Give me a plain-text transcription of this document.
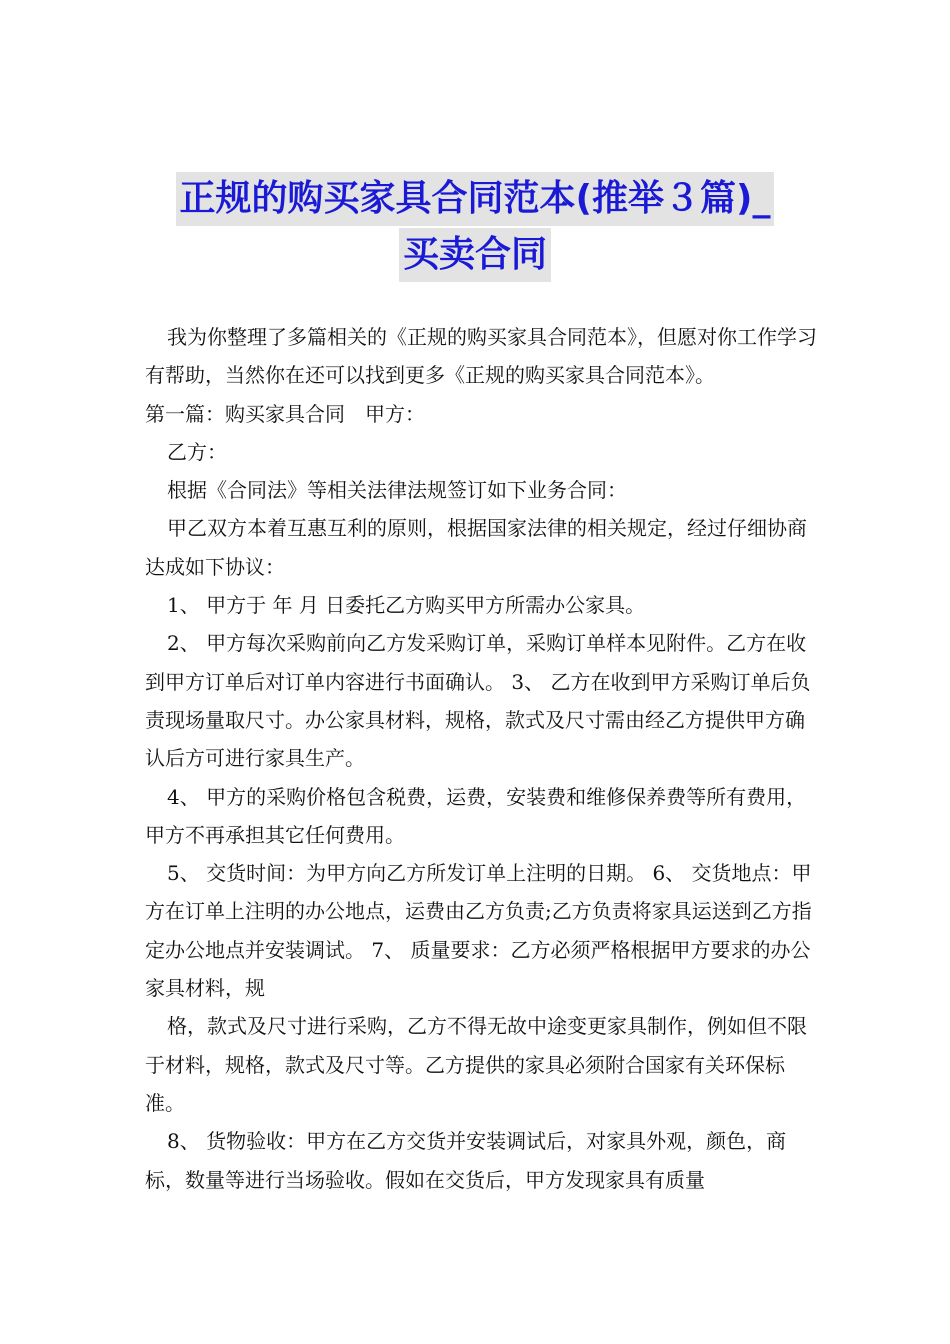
正规的购买家具合同范本(推举３篇)_
买卖合同

我为你整理了多篇相关的《正规的购买家具合同范本》，但愿对你工作学习有帮助，当然你在还可以找到更多《正规的购买家具合同范本》。

第一篇：购买家具合同　甲方：

乙方：

根据《合同法》等相关法律法规签订如下业务合同：

甲乙双方本着互惠互利的原则，根据国家法律的相关规定，经过仔细协商达成如下协议：

1、 甲方于 年 月 日委托乙方购买甲方所需办公家具。

2、 甲方每次采购前向乙方发采购订单，采购订单样本见附件。乙方在收到甲方订单后对订单内容进行书面确认。 3、 乙方在收到甲方采购订单后负责现场量取尺寸。办公家具材料，规格，款式及尺寸需由经乙方提供甲方确认后方可进行家具生产。

4、 甲方的采购价格包含税费，运费，安装费和维修保养费等所有费用，甲方不再承担其它任何费用。

5、 交货时间：为甲方向乙方所发订单上注明的日期。 6、 交货地点：甲方在订单上注明的办公地点，运费由乙方负责;乙方负责将家具运送到乙方指定办公地点并安装调试。 7、 质量要求：乙方必须严格根据甲方要求的办公家具材料，规

格，款式及尺寸进行采购，乙方不得无故中途变更家具制作，例如但不限于材料，规格，款式及尺寸等。乙方提供的家具必须附合国家有关环保标准。

8、 货物验收：甲方在乙方交货并安装调试后，对家具外观，颜色，商标，数量等进行当场验收。假如在交货后，甲方发现家具有质量
